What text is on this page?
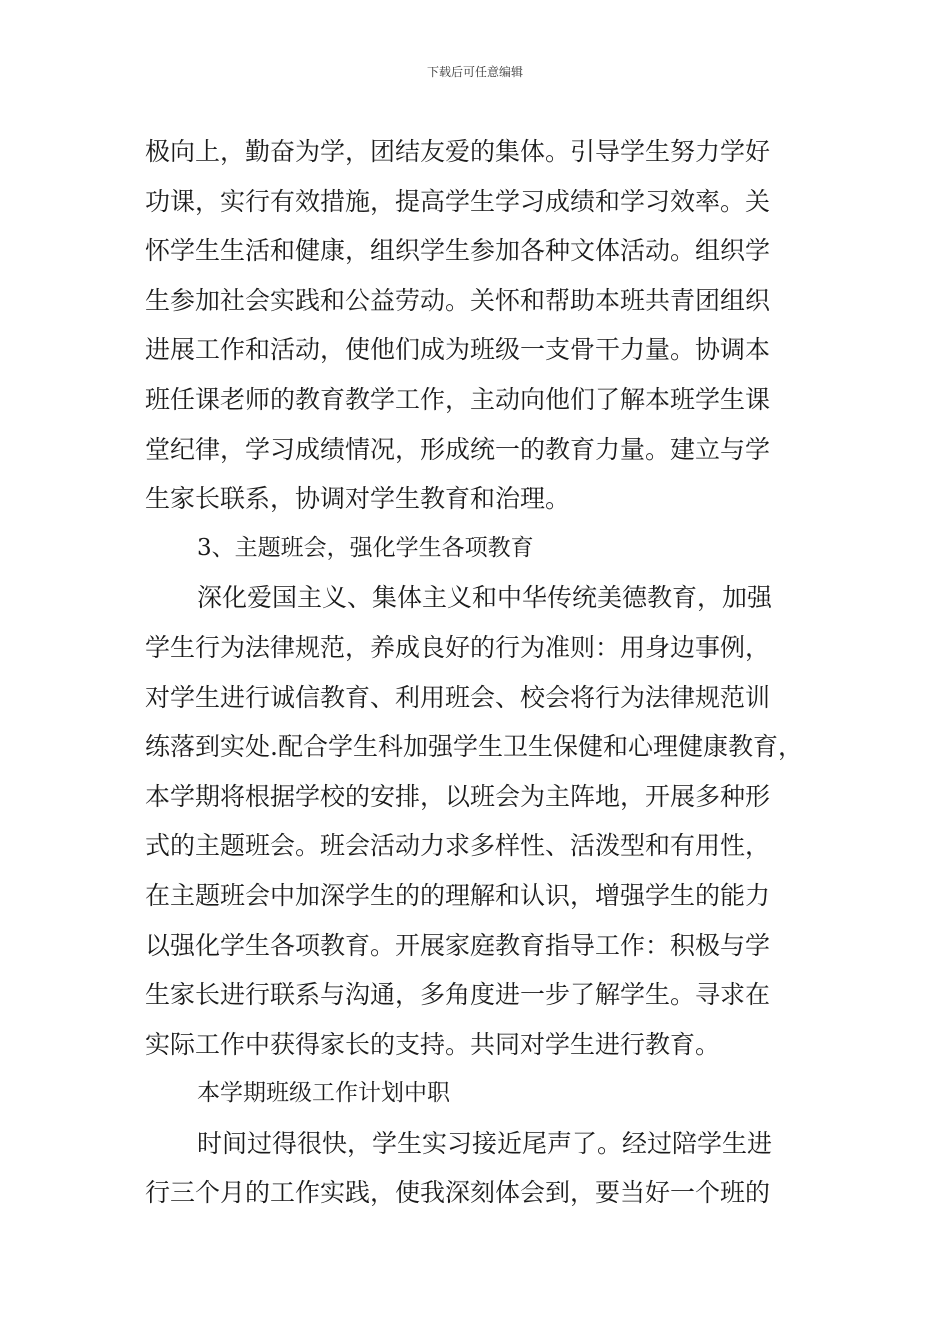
下载后可任意编辑
极向上，勤奋为学，团结友爱的集体。引导学生努力学好
功课，实行有效措施，提高学生学习成绩和学习效率。关
怀学生生活和健康，组织学生参加各种文体活动。组织学
生参加社会实践和公益劳动。关怀和帮助本班共青团组织
进展工作和活动，使他们成为班级一支骨干力量。协调本
班任课老师的教育教学工作，主动向他们了解本班学生课
堂纪律，学习成绩情况，形成统一的教育力量。建立与学
生家长联系，协调对学生教育和治理。
3、主题班会，强化学生各项教育
深化爱国主义、集体主义和中华传统美德教育，加强
学生行为法律规范，养成良好的行为准则：用身边事例，
对学生进行诚信教育、利用班会、校会将行为法律规范训
练落到实处.配合学生科加强学生卫生保健和心理健康教育，
本学期将根据学校的安排，以班会为主阵地，开展多种形
式的主题班会。班会活动力求多样性、活泼型和有用性，
在主题班会中加深学生的的理解和认识，增强学生的能力
以强化学生各项教育。开展家庭教育指导工作：积极与学
生家长进行联系与沟通，多角度进一步了解学生。寻求在
实际工作中获得家长的支持。共同对学生进行教育。
本学期班级工作计划中职
时间过得很快，学生实习接近尾声了。经过陪学生进
行三个月的工作实践，使我深刻体会到，要当好一个班的
